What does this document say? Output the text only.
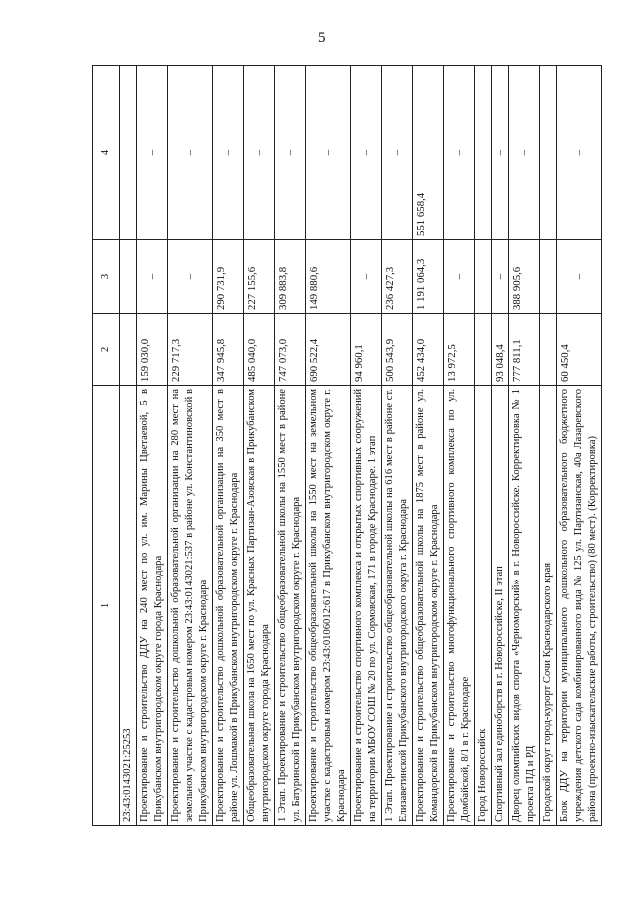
5
1	2	3	4
23:43:0143021:25253			
Проектирование и строительство ДДУ на 240 мест по ул. им. Марины Цветаевой, 5 в Прикубанском внутригородском округе города Краснодара	159 030,0	–	–
Проектирование и строительство дошкольной образовательной организации на 280 мест на земельном участке с кадастровым номером 23:43:0143021:537 в районе ул. Константиновской в Прикубанском внутригородском округе г. Краснодара	229 717,3	–	–
Проектирование и строительство дошкольной образовательной организации на 350 мест в районе ул. Лошмакой в Прикубанском внутригородском округе г. Краснодара	347 945,8	290 731,9	–
Общеобразовательная школа на 1650 мест по ул. Красных Партизан-Азовская в Прикубанском внутригородском округе города Краснодара	485 040,0	227 155,6	–
1 Этап. Проектирование и строительство общеобразовательной школы на 1550 мест в районе ул. Батуринской в Прикубанском внутригородском округе г. Краснодара	747 073,0	309 883,8	–
Проектирование и строительство общеобразовательной школы на 1550 мест на земельном участке с кадастровым номером 23:43:0106012:617 в Прикубанском внутригородском округе г. Краснодара	690 522,4	149 880,6	–
Проектирование и строительство спортивного комплекса и открытых спортивных сооружений на территории МБОУ СОШ № 20 по ул. Сормовская, 171 в городе Краснодаре. 1 этап	94 960,1	–	–
1 Этап. Проектирование и строительство общеобразовательной школы на 616 мест в районе ст. Елизаветинской Прикубанского внутригородского округа г. Краснодара	500 543,9	236 427,3	–
Проектирование и строительство общеобразовательной школы на 1875 мест в районе ул. Командорской в Прикубанском внутригородском округе г. Краснодара	452 434,0	1 191 064,3	551 658,4
Проектирование и строительство многофункционального спортивного комплекса по ул. Домбайской, 8/1 в г. Краснодаре	13 972,5	–	–
Город Новороссийск			
Спортивный зал единоборств в г. Новороссийске, II этап	93 048,4	–	–
Дворец олимпийских видов спорта «Черноморский» в г. Новороссийске. Корректировка № 1 проекта ПД и РД	777 811,1	388 905,6	–
Городской округ город-курорт Сочи Краснодарского края			
Блок ДДУ на территории муниципального дошкольного образовательного бюджетного учреждения детского сада комбинированного вида № 125 ул. Партизанская, 40а Лазаревского района (проектно-изыскательские работы, строительство) (80 мест). (Корректировка)	60 450,4	–	–
